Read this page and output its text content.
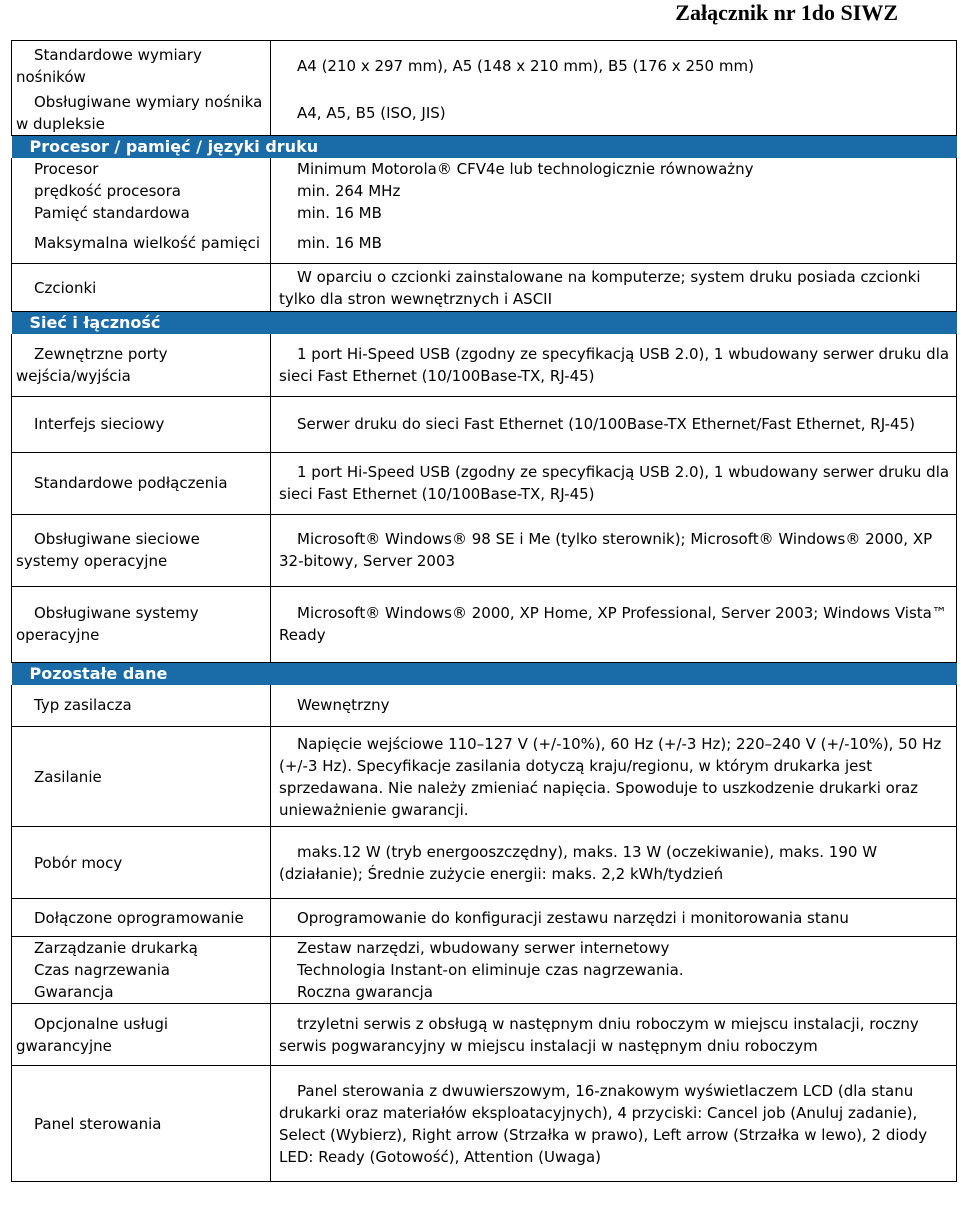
Załącznik nr 1do SIWZ
Standardowe wymiary nośników	A4 (210 x 297 mm), A5 (148 x 210 mm), B5 (176 x 250 mm)
Obsługiwane wymiary nośnika w dupleksie	A4, A5, B5 (ISO, JIS)
Procesor / pamięć / języki druku	
Procesor	Minimum Motorola® CFV4e lub technologicznie równoważny
prędkość procesora	min. 264 MHz
Pamięć standardowa	min. 16 MB
Maksymalna wielkość pamięci	min. 16 MB
Czcionki	W oparciu o czcionki zainstalowane na komputerze; system druku posiada czcionki tylko dla stron wewnętrznych i ASCII
Sieć i łączność	
Zewnętrzne porty wejścia/wyjścia	1 port Hi-Speed USB (zgodny ze specyfikacją USB 2.0), 1 wbudowany serwer druku dla sieci Fast Ethernet (10/100Base-TX, RJ-45)
Interfejs sieciowy	Serwer druku do sieci Fast Ethernet (10/100Base-TX Ethernet/Fast Ethernet, RJ-45)
Standardowe podłączenia	1 port Hi-Speed USB (zgodny ze specyfikacją USB 2.0), 1 wbudowany serwer druku dla sieci Fast Ethernet (10/100Base-TX, RJ-45)
Obsługiwane sieciowe systemy operacyjne	Microsoft® Windows® 98 SE i Me (tylko sterownik); Microsoft® Windows® 2000, XP 32-bitowy, Server 2003
Obsługiwane systemy operacyjne	Microsoft® Windows® 2000, XP Home, XP Professional, Server 2003; Windows Vista™ Ready
Pozostałe dane	
Typ zasilacza	Wewnętrzny
Zasilanie	Napięcie wejściowe 110–127 V (+/-10%), 60 Hz (+/-3 Hz); 220–240 V (+/-10%), 50 Hz (+/-3 Hz). Specyfikacje zasilania dotyczą kraju/regionu, w którym drukarka jest sprzedawana. Nie należy zmieniać napięcia. Spowoduje to uszkodzenie drukarki oraz unieważnienie gwarancji.
Pobór mocy	maks.12 W (tryb energooszczędny), maks. 13 W (oczekiwanie), maks. 190 W (działanie); Średnie zużycie energii: maks. 2,2 kWh/tydzień
Dołączone oprogramowanie	Oprogramowanie do konfiguracji zestawu narzędzi i monitorowania stanu
Zarządzanie drukarką	Zestaw narzędzi, wbudowany serwer internetowy
Czas nagrzewania	Technologia Instant-on eliminuje czas nagrzewania.
Gwarancja	Roczna gwarancja
Opcjonalne usługi gwarancyjne	trzyletni serwis z obsługą w następnym dniu roboczym w miejscu instalacji, roczny serwis pogwarancyjny w miejscu instalacji w następnym dniu roboczym
Panel sterowania	Panel sterowania z dwuwierszowym, 16-znakowym wyświetlaczem LCD (dla stanu drukarki oraz materiałów eksploatacyjnych), 4 przyciski: Cancel job (Anuluj zadanie), Select (Wybierz), Right arrow (Strzałka w prawo), Left arrow (Strzałka w lewo), 2 diody LED: Ready (Gotowość), Attention (Uwaga)
